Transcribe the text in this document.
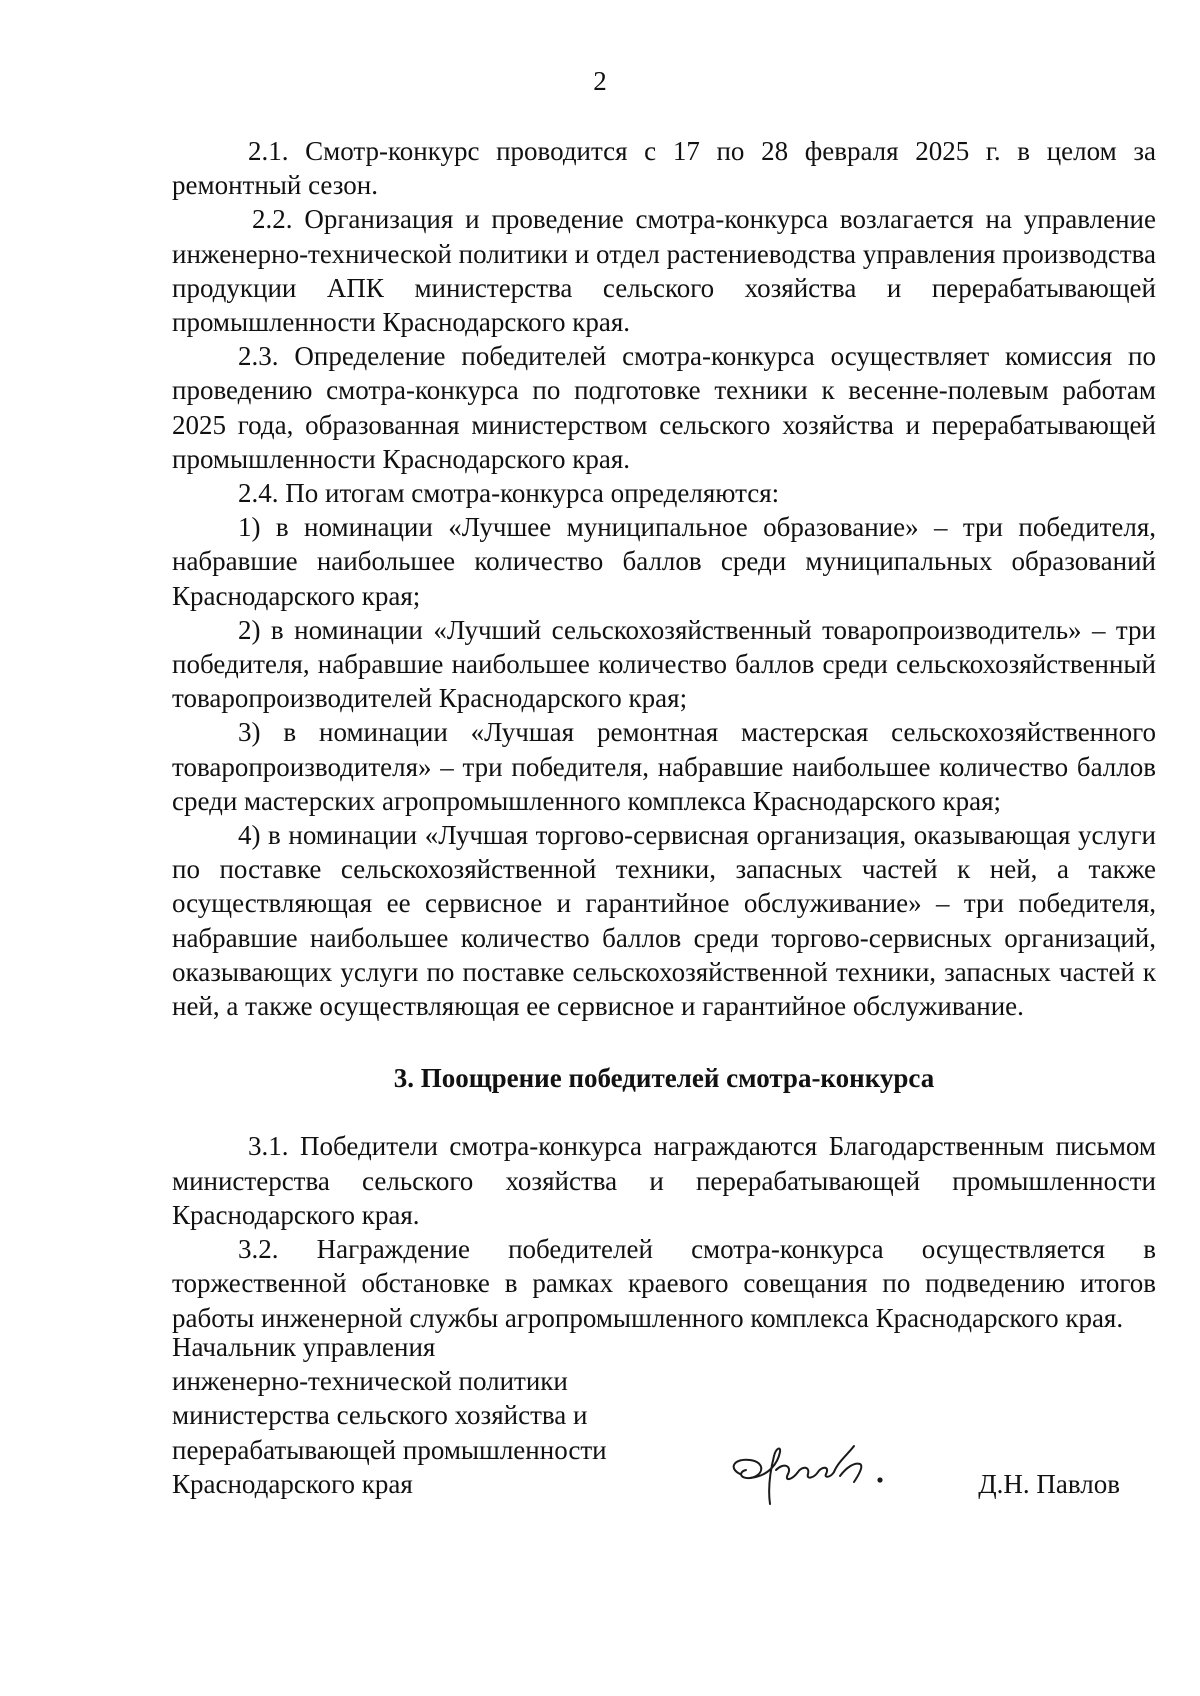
2

2.1. Смотр-конкурс проводится с 17 по 28 февраля 2025 г. в целом за ремонтный сезон.

2.2. Организация и проведение смотра-конкурса возлагается на управление инженерно-технической политики и отдел растениеводства управления производства продукции АПК министерства сельского хозяйства и перерабатывающей промышленности Краснодарского края.

2.3. Определение победителей смотра-конкурса осуществляет комиссия по проведению смотра-конкурса по подготовке техники к весенне-полевым работам 2025 года, образованная министерством сельского хозяйства и перерабатывающей промышленности Краснодарского края.

2.4. По итогам смотра-конкурса определяются:

1) в номинации «Лучшее муниципальное образование» – три победителя, набравшие наибольшее количество баллов среди муниципальных образований Краснодарского края;

2) в номинации «Лучший сельскохозяйственный товаропроизводитель» – три победителя, набравшие наибольшее количество баллов среди сельскохозяйственный товаропроизводителей Краснодарского края;

3) в номинации «Лучшая ремонтная мастерская сельскохозяйственного товаропроизводителя» – три победителя, набравшие наибольшее количество баллов среди мастерских агропромышленного комплекса Краснодарского края;

4) в номинации «Лучшая торгово-сервисная организация, оказывающая услуги по поставке сельскохозяйственной техники, запасных частей к ней, а также осуществляющая ее сервисное и гарантийное обслуживание» – три победителя, набравшие наибольшее количество баллов среди торгово-сервисных организаций, оказывающих услуги по поставке сельскохозяйственной техники, запасных частей к ней, а также осуществляющая ее сервисное и гарантийное обслуживание.

3. Поощрение победителей смотра-конкурса

3.1. Победители смотра-конкурса награждаются Благодарственным письмом министерства сельского хозяйства и перерабатывающей промышленности Краснодарского края.

3.2. Награждение победителей смотра-конкурса осуществляется в торжественной обстановке в рамках краевого совещания по подведению итогов работы инженерной службы агропромышленного комплекса Краснодарского края.

Начальник управления
инженерно-технической политики
министерства сельского хозяйства и
перерабатывающей промышленности
Краснодарского края	Д.Н. Павлов
